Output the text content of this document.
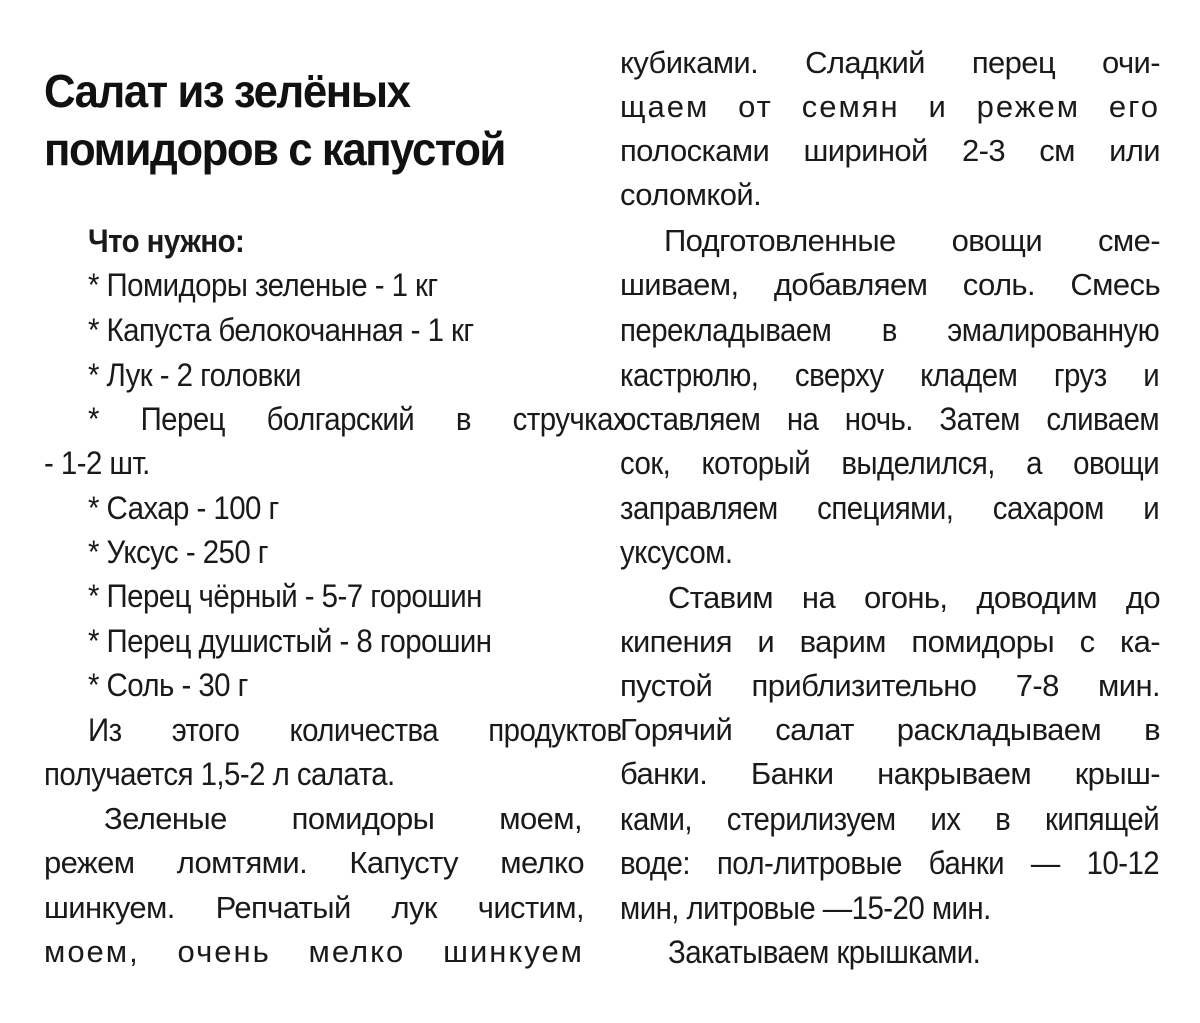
Салат из зелёных
помидоров с капустой
Что нужно:
* Помидоры зеленые - 1 кг
* Капуста белокочанная - 1 кг
* Лук - 2 головки
* Перец болгарский в стручках
- 1-2 шт.
* Сахар - 100 г
* Уксус - 250 г
* Перец чёрный - 5-7 горошин
* Перец душистый - 8 горошин
* Соль - 30 г
Из этого количества продуктов
получается 1,5-2 л салата.
Зеленые помидоры моем,
режем ломтями. Капусту мелко
шинкуем. Репчатый лук чистим,
моем, очень мелко шинкуем
кубиками. Сладкий перец очи-
щаем от семян и режем его
полосками шириной 2-3 см или
соломкой.
Подготовленные овощи сме-
шиваем, добавляем соль. Смесь
перекладываем в эмалированную
кастрюлю, сверху кладем груз и
оставляем на ночь. Затем сливаем
сок, который выделился, а овощи
заправляем специями, сахаром и
уксусом.
Ставим на огонь, доводим до
кипения и варим помидоры с ка-
пустой приблизительно 7-8 мин.
Горячий салат раскладываем в
банки. Банки накрываем крыш-
ками, стерилизуем их в кипящей
воде: пол-литровые банки — 10-12
мин, литровые —15-20 мин.
Закатываем крышками.
